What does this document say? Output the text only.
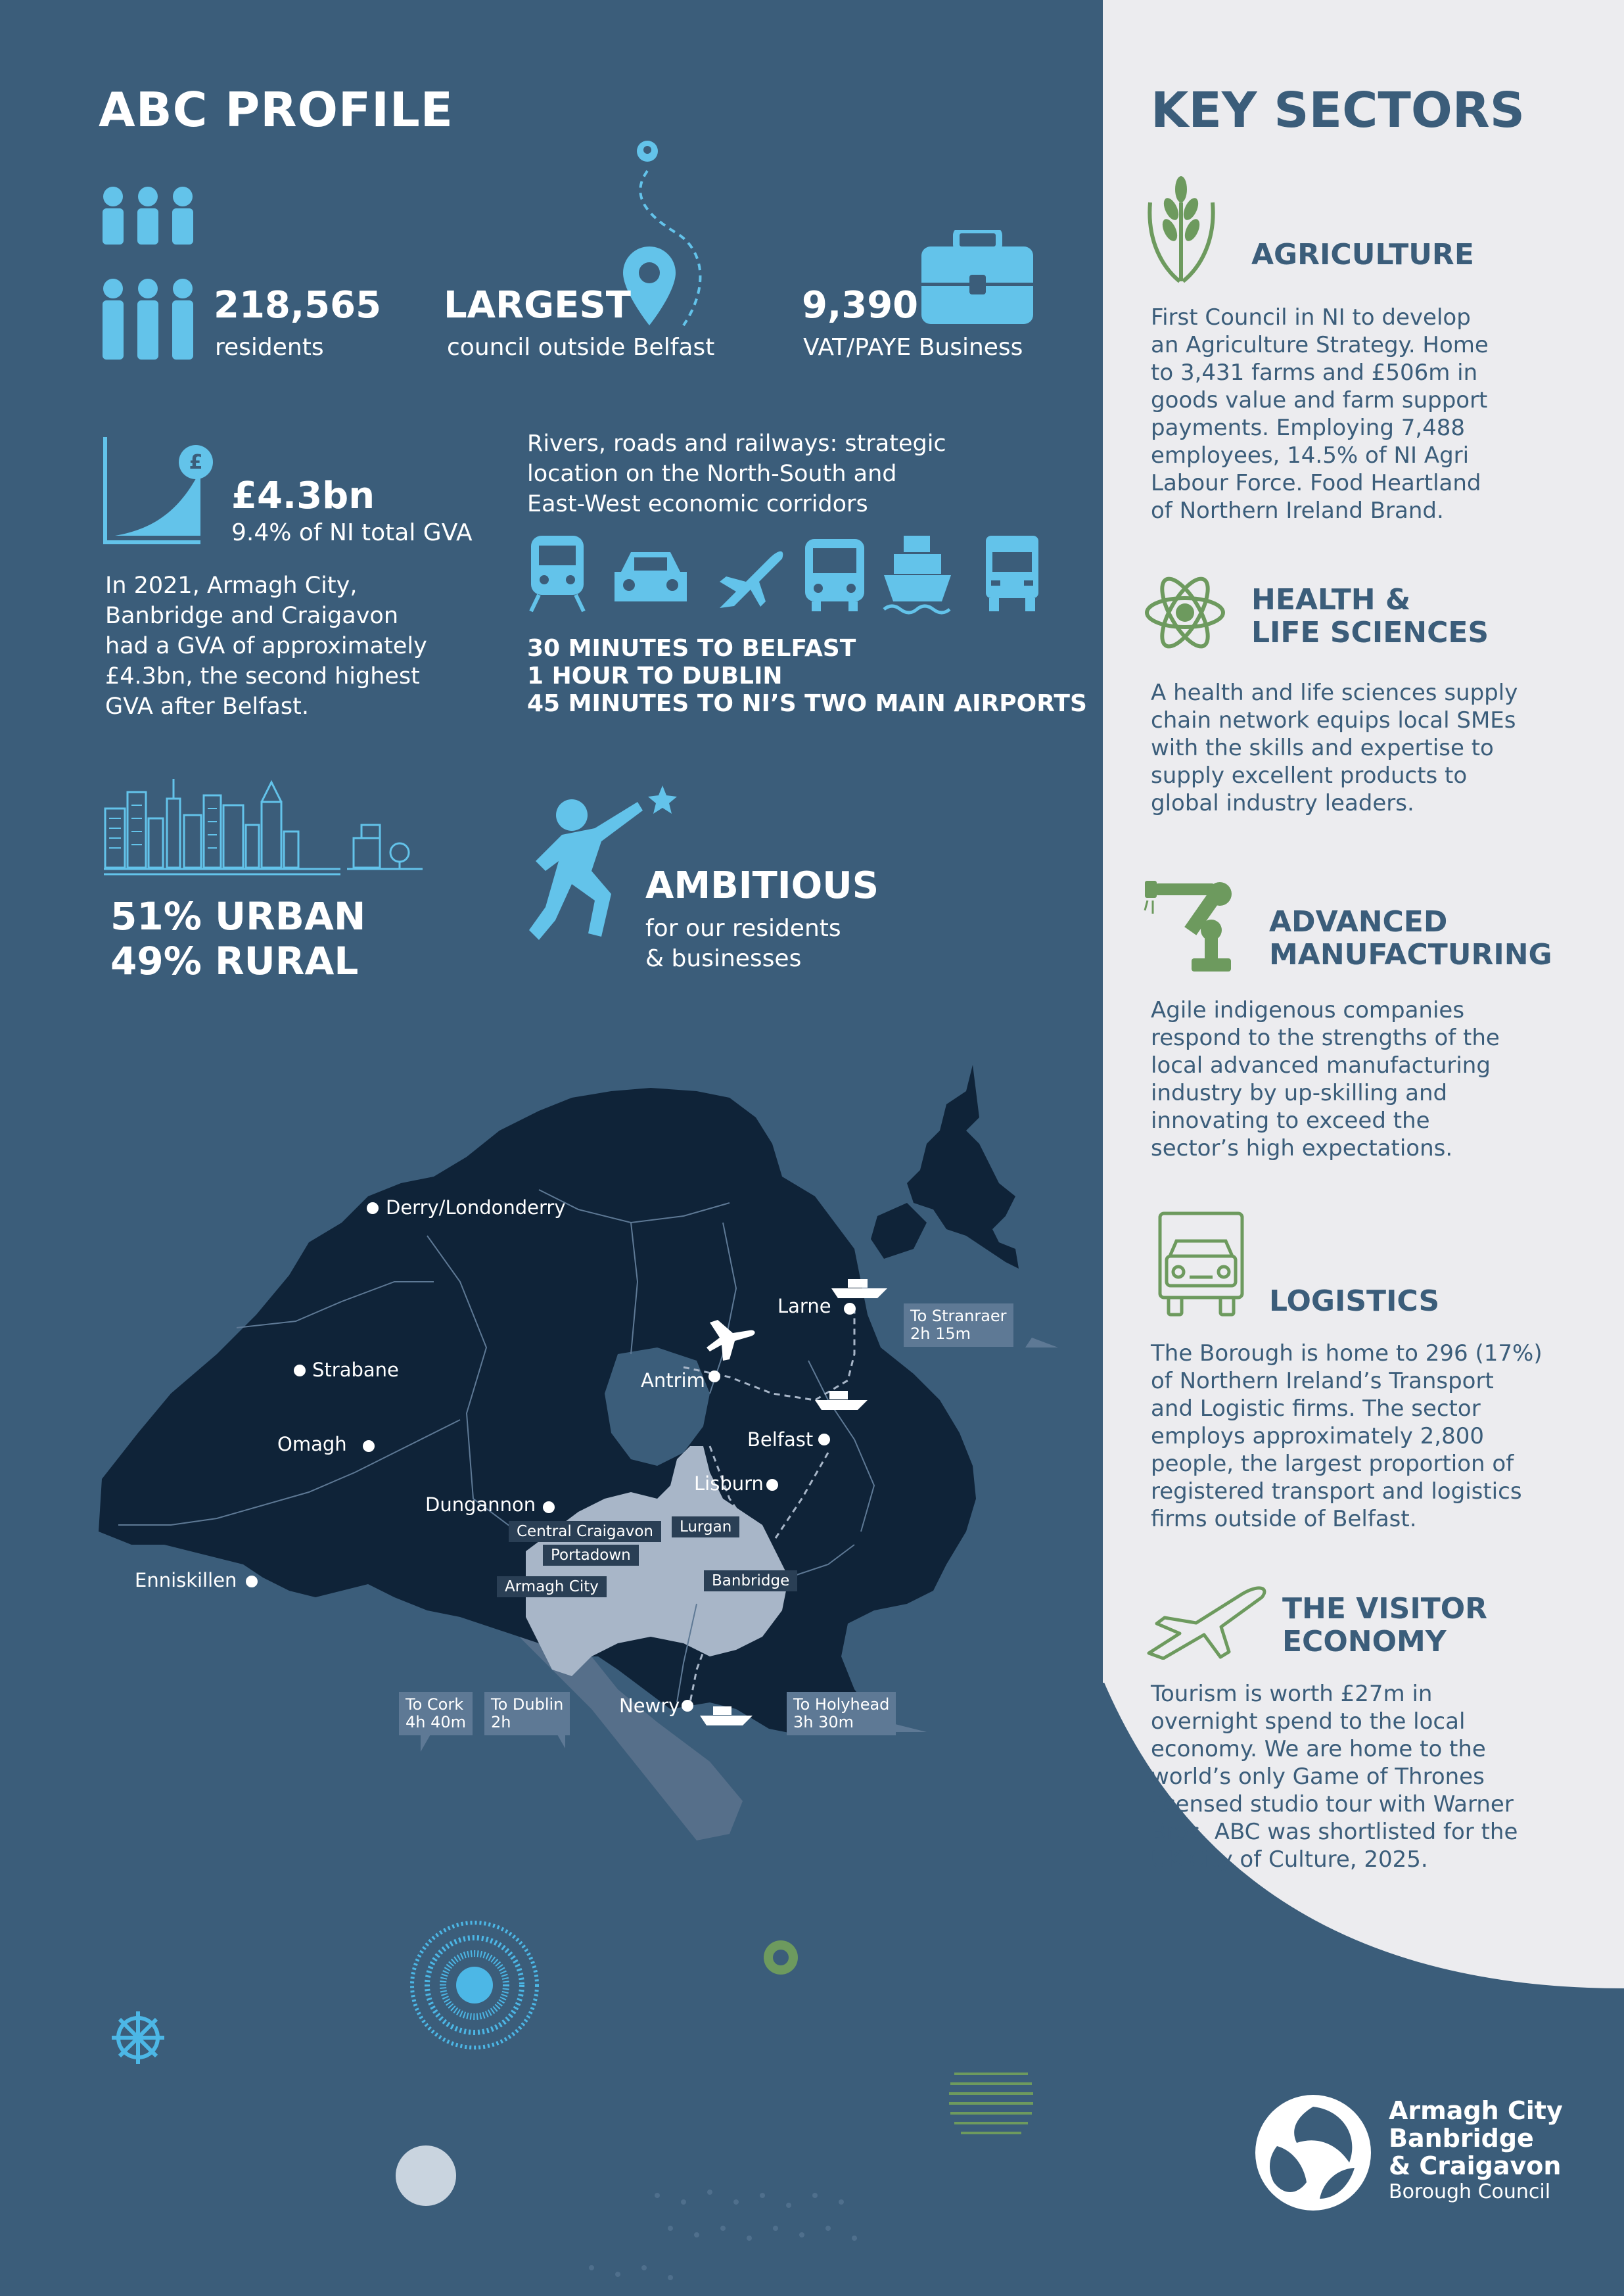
ABC PROFILE
218,565
residents
LARGEST
council outside Belfast
9,390
VAT/PAYE Business
£
£4.3bn
9.4% of NI total GVA
In 2021, Armagh City,
Banbridge and Craigavon
had a GVA of approximately
£4.3bn, the second highest
GVA after Belfast.
Rivers, roads and railways: strategic
location on the North-South and
East-West economic corridors
30 MINUTES TO BELFAST
1 HOUR TO DUBLIN
45 MINUTES TO NI’S TWO MAIN AIRPORTS
51% URBAN
49% RURAL
AMBITIOUS
for our residents
& businesses
Derry/Londonderry
Strabane
Omagh
Enniskillen
Dungannon
Antrim
Larne
Belfast
Lisburn
Newry
Central Craigavon
Portadown
Lurgan
Armagh City	Banbridge
To Stranraer
2h 15m
To Cork
4h 40m
To Dublin
2h
To Holyhead
3h 30m
KEY SECTORS
AGRICULTURE
First Council in NI to develop
an Agriculture Strategy. Home
to 3,431 farms and £506m in
goods value and farm support
payments. Employing 7,488
employees, 14.5% of NI Agri
Labour Force. Food Heartland
of Northern Ireland Brand.
HEALTH &
LIFE SCIENCES
A health and life sciences supply
chain network equips local SMEs
with the skills and expertise to
supply excellent products to
global industry leaders.
ADVANCED
MANUFACTURING
Agile indigenous companies
respond to the strengths of the
local advanced manufacturing
industry by up-skilling and
innovating to exceed the
sector’s high expectations.
LOGISTICS
The Borough is home to 296 (17%)
of Northern Ireland’s Transport
and Logistic firms. The sector
employs approximately 2,800
people, the largest proportion of
registered transport and logistics
firms outside of Belfast.
THE VISITOR
ECONOMY
Tourism is worth £27m in
overnight spend to the local
economy. We are home to the
world’s only Game of Thrones
licensed studio tour with Warner
Bros. ABC was shortlisted for the
UK City of Culture, 2025.
Armagh City
Banbridge
& Craigavon
Borough Council
